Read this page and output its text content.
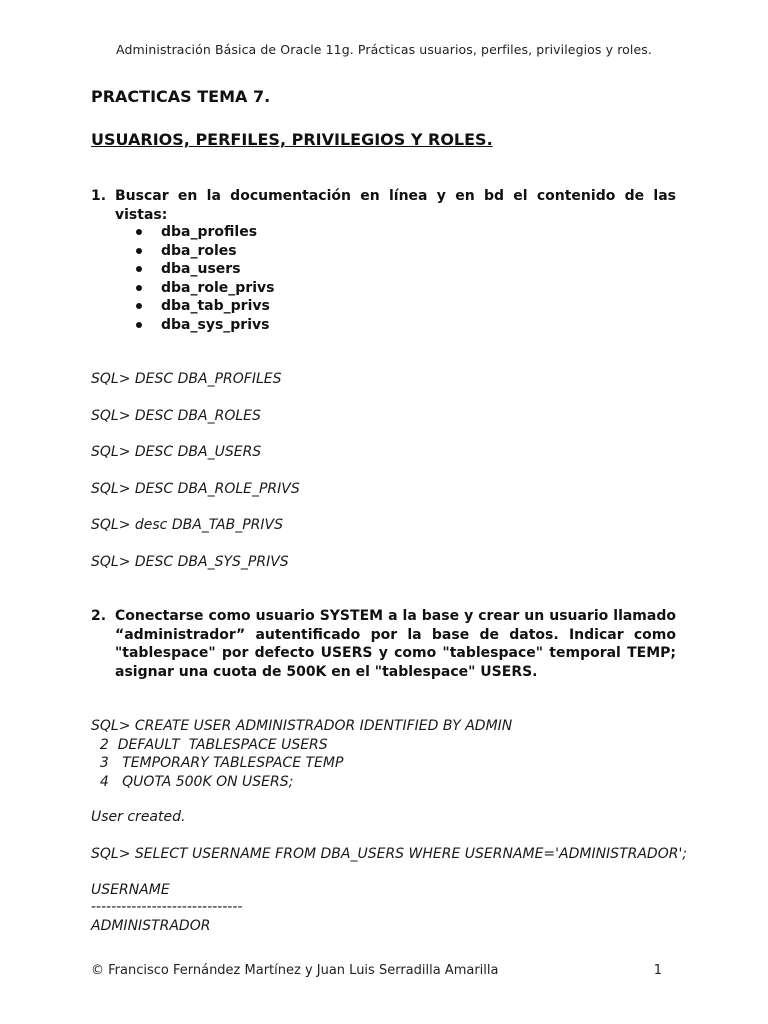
Administración Básica de Oracle 11g. Prácticas usuarios, perfiles, privilegios y roles.
PRACTICAS TEMA 7.
USUARIOS, PERFILES, PRIVILEGIOS Y ROLES.
1. Buscar en la documentación en línea y en bd el contenido de las vistas:
dba_profiles
dba_roles
dba_users
dba_role_privs
dba_tab_privs
dba_sys_privs
SQL> DESC DBA_PROFILES
SQL> DESC DBA_ROLES
SQL> DESC DBA_USERS
SQL> DESC DBA_ROLE_PRIVS
SQL> desc DBA_TAB_PRIVS
SQL> DESC DBA_SYS_PRIVS
2. Conectarse como usuario SYSTEM a la base y crear un usuario llamado “administrador” autentificado por la base de datos. Indicar como "tablespace" por defecto USERS y como "tablespace" temporal TEMP; asignar una cuota de 500K en el "tablespace" USERS.
SQL> CREATE USER ADMINISTRADOR IDENTIFIED BY ADMIN
2  DEFAULT  TABLESPACE USERS
3   TEMPORARY TABLESPACE TEMP
4   QUOTA 500K ON USERS;
User created.
SQL> SELECT USERNAME FROM DBA_USERS WHERE USERNAME='ADMINISTRADOR';
USERNAME
------------------------------
ADMINISTRADOR
© Francisco Fernández Martínez y Juan Luis Serradilla Amarilla	1
